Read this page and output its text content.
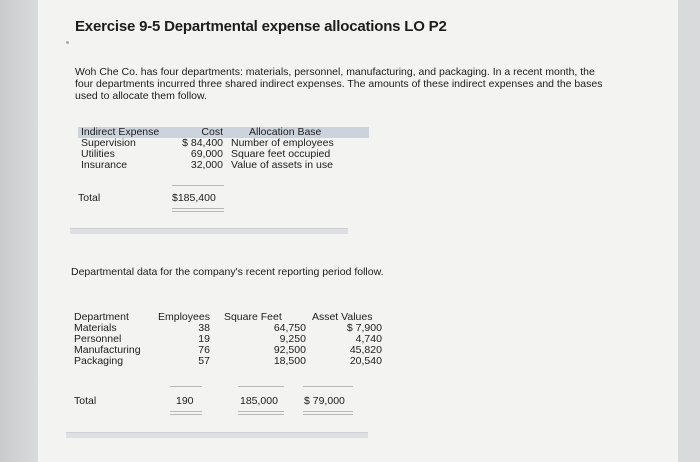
Exercise 9-5 Departmental expense allocations LO P2
Woh Che Co. has four departments: materials, personnel, manufacturing, and packaging. In a recent month, the four departments incurred three shared indirect expenses. The amounts of these indirect expenses and the bases used to allocate them follow.
Indirect Expense	Cost	Allocation Base
Supervision	$ 84,400	Number of employees
Utilities	69,000	Square feet occupied
Insurance	32,000	Value of assets in use
Total	$185,400
Departmental data for the company's recent reporting period follow.
Department	Employees	Square Feet	Asset Values
Materials	38	64,750	$ 7,900
Personnel	19	9,250	4,740
Manufacturing	76	92,500	45,820
Packaging	57	18,500	20,540
Total	190	185,000 $ 79,000
